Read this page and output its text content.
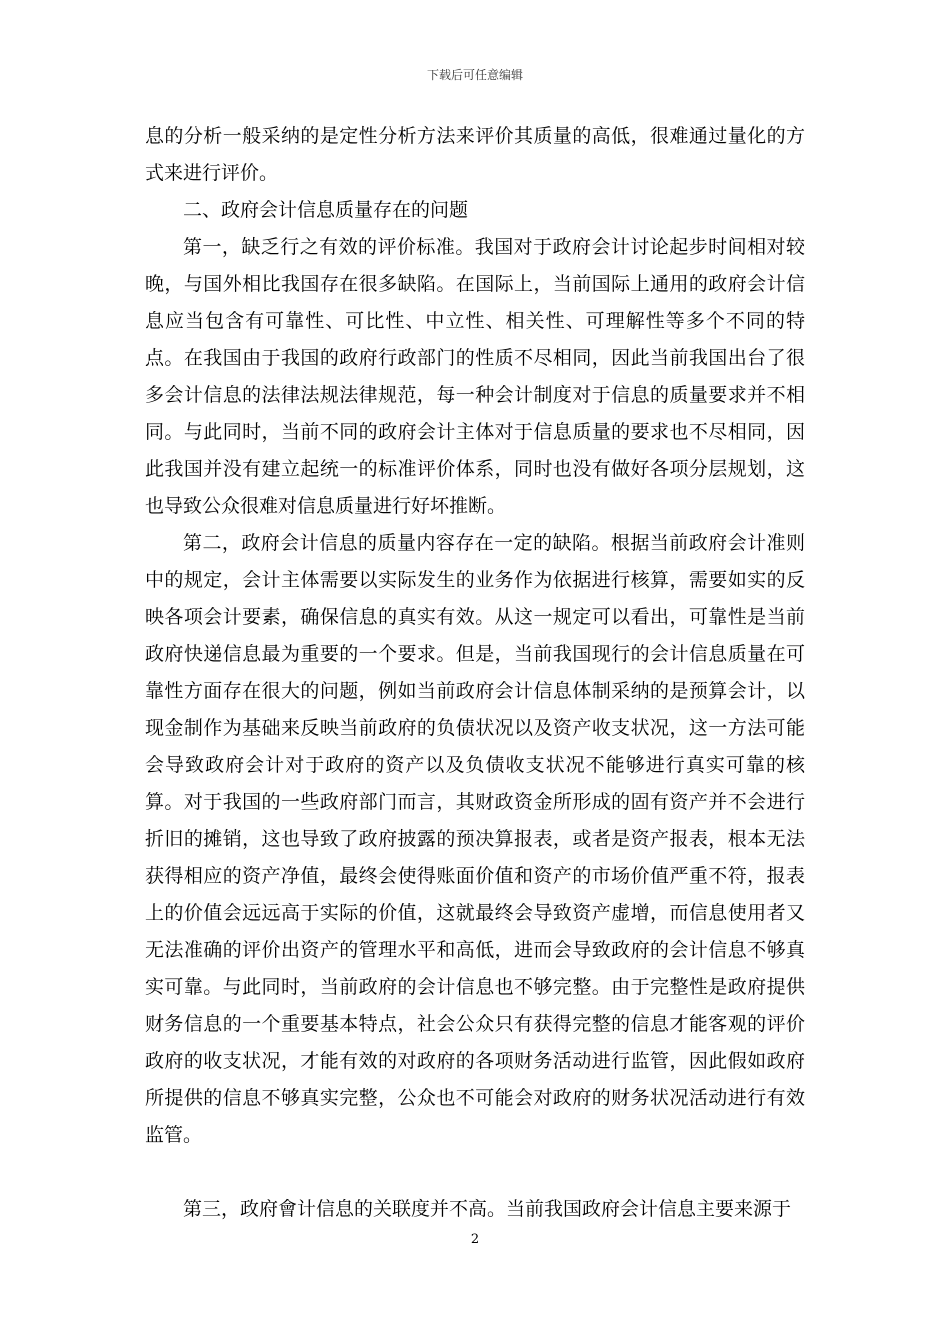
下载后可任意编辑

息的分析一般采纳的是定性分析方法来评价其质量的高低，很难通过量化的方式来进行评价。

二、政府会计信息质量存在的问题

第一，缺乏行之有效的评价标准。我国对于政府会计讨论起步时间相对较晚，与国外相比我国存在很多缺陷。在国际上，当前国际上通用的政府会计信息应当包含有可靠性、可比性、中立性、相关性、可理解性等多个不同的特点。在我国由于我国的政府行政部门的性质不尽相同，因此当前我国出台了很多会计信息的法律法规法律规范，每一种会计制度对于信息的质量要求并不相同。与此同时，当前不同的政府会计主体对于信息质量的要求也不尽相同，因此我国并没有建立起统一的标准评价体系，同时也没有做好各项分层规划，这也导致公众很难对信息质量进行好坏推断。

第二，政府会计信息的质量内容存在一定的缺陷。根据当前政府会计准则中的规定，会计主体需要以实际发生的业务作为依据进行核算，需要如实的反映各项会计要素，确保信息的真实有效。从这一规定可以看出，可靠性是当前政府快递信息最为重要的一个要求。但是，当前我国现行的会计信息质量在可靠性方面存在很大的问题，例如当前政府会计信息体制采纳的是预算会计，以现金制作为基础来反映当前政府的负债状况以及资产收支状况，这一方法可能会导致政府会计对于政府的资产以及负债收支状况不能够进行真实可靠的核算。对于我国的一些政府部门而言，其财政资金所形成的固有资产并不会进行折旧的摊销，这也导致了政府披露的预决算报表，或者是资产报表，根本无法获得相应的资产净值，最终会使得账面价值和资产的市场价值严重不符，报表上的价值会远远高于实际的价值，这就最终会导致资产虚增，而信息使用者又无法准确的评价出资产的管理水平和高低，进而会导致政府的会计信息不够真实可靠。与此同时，当前政府的会计信息也不够完整。由于完整性是政府提供财务信息的一个重要基本特点，社会公众只有获得完整的信息才能客观的评价政府的收支状况，才能有效的对政府的各项财务活动进行监管，因此假如政府所提供的信息不够真实完整，公众也不可能会对政府的财务状况活动进行有效监管。

第三，政府會计信息的关联度并不高。当前我国政府会计信息主要来源于

2
